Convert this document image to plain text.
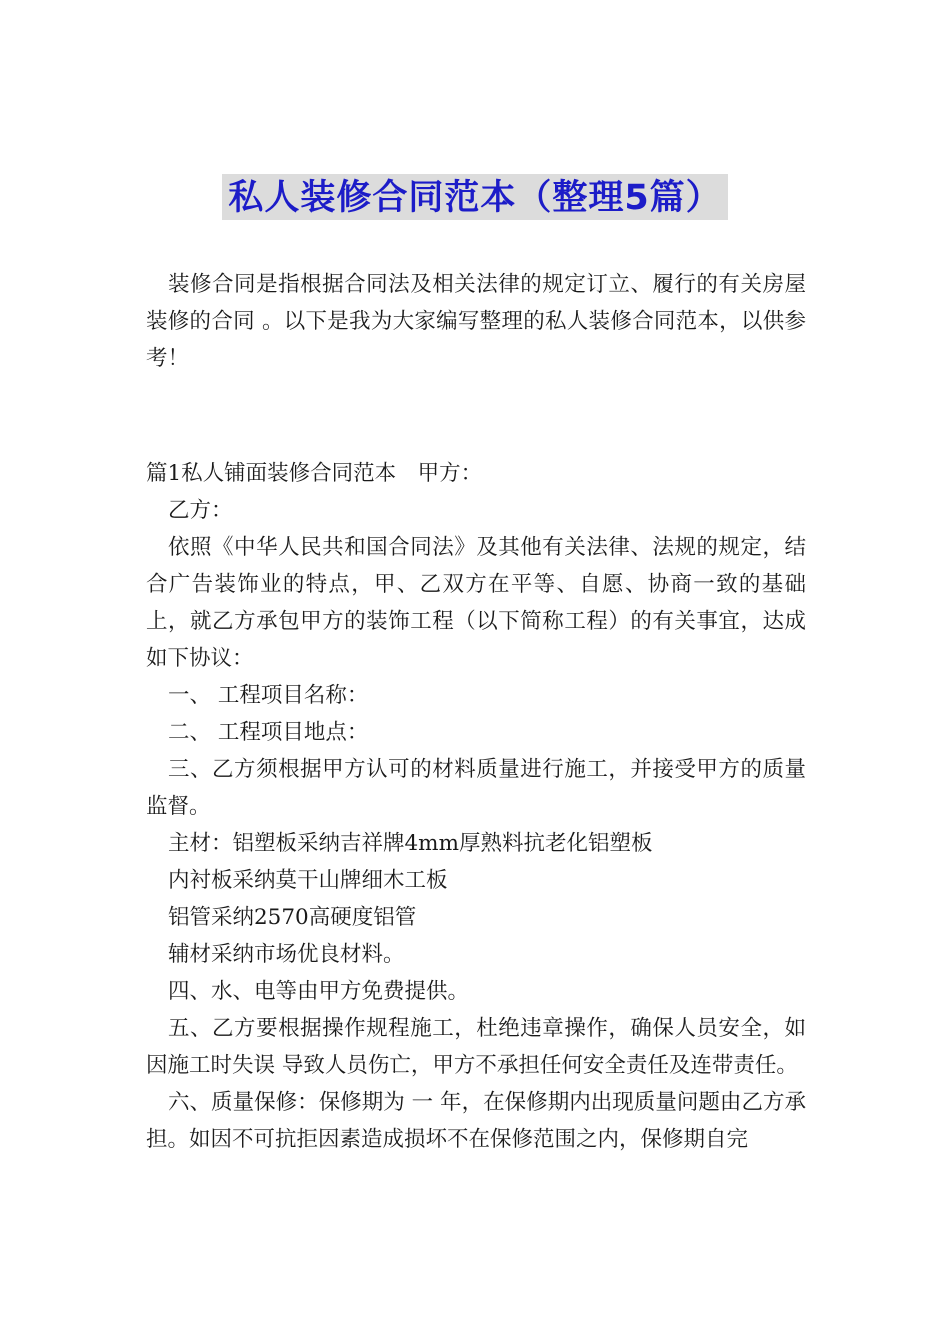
私人装修合同范本（整理5篇）

装修合同是指根据合同法及相关法律的规定订立、履行的有关房屋装修的合同 。以下是我为大家编写整理的私人装修合同范本，以供参考！

篇1私人铺面装修合同范本　甲方：

乙方：

依照《中华人民共和国合同法》及其他有关法律、法规的规定，结合广告装饰业的特点，甲、乙双方在平等、自愿、协商一致的基础上，就乙方承包甲方的装饰工程（以下简称工程）的有关事宜，达成如下协议：

一、 工程项目名称：

二、 工程项目地点：

三、乙方须根据甲方认可的材料质量进行施工，并接受甲方的质量监督。

主材：铝塑板采纳吉祥牌4mm厚熟料抗老化铝塑板

内衬板采纳莫干山牌细木工板

铝管采纳2570高硬度铝管

辅材采纳市场优良材料。

四、水、电等由甲方免费提供。

五、乙方要根据操作规程施工，杜绝违章操作，确保人员安全，如因施工时失误 导致人员伤亡，甲方不承担任何安全责任及连带责任。

六、质量保修：保修期为 一 年，在保修期内出现质量问题由乙方承担。如因不可抗拒因素造成损坏不在保修范围之内，保修期自完
